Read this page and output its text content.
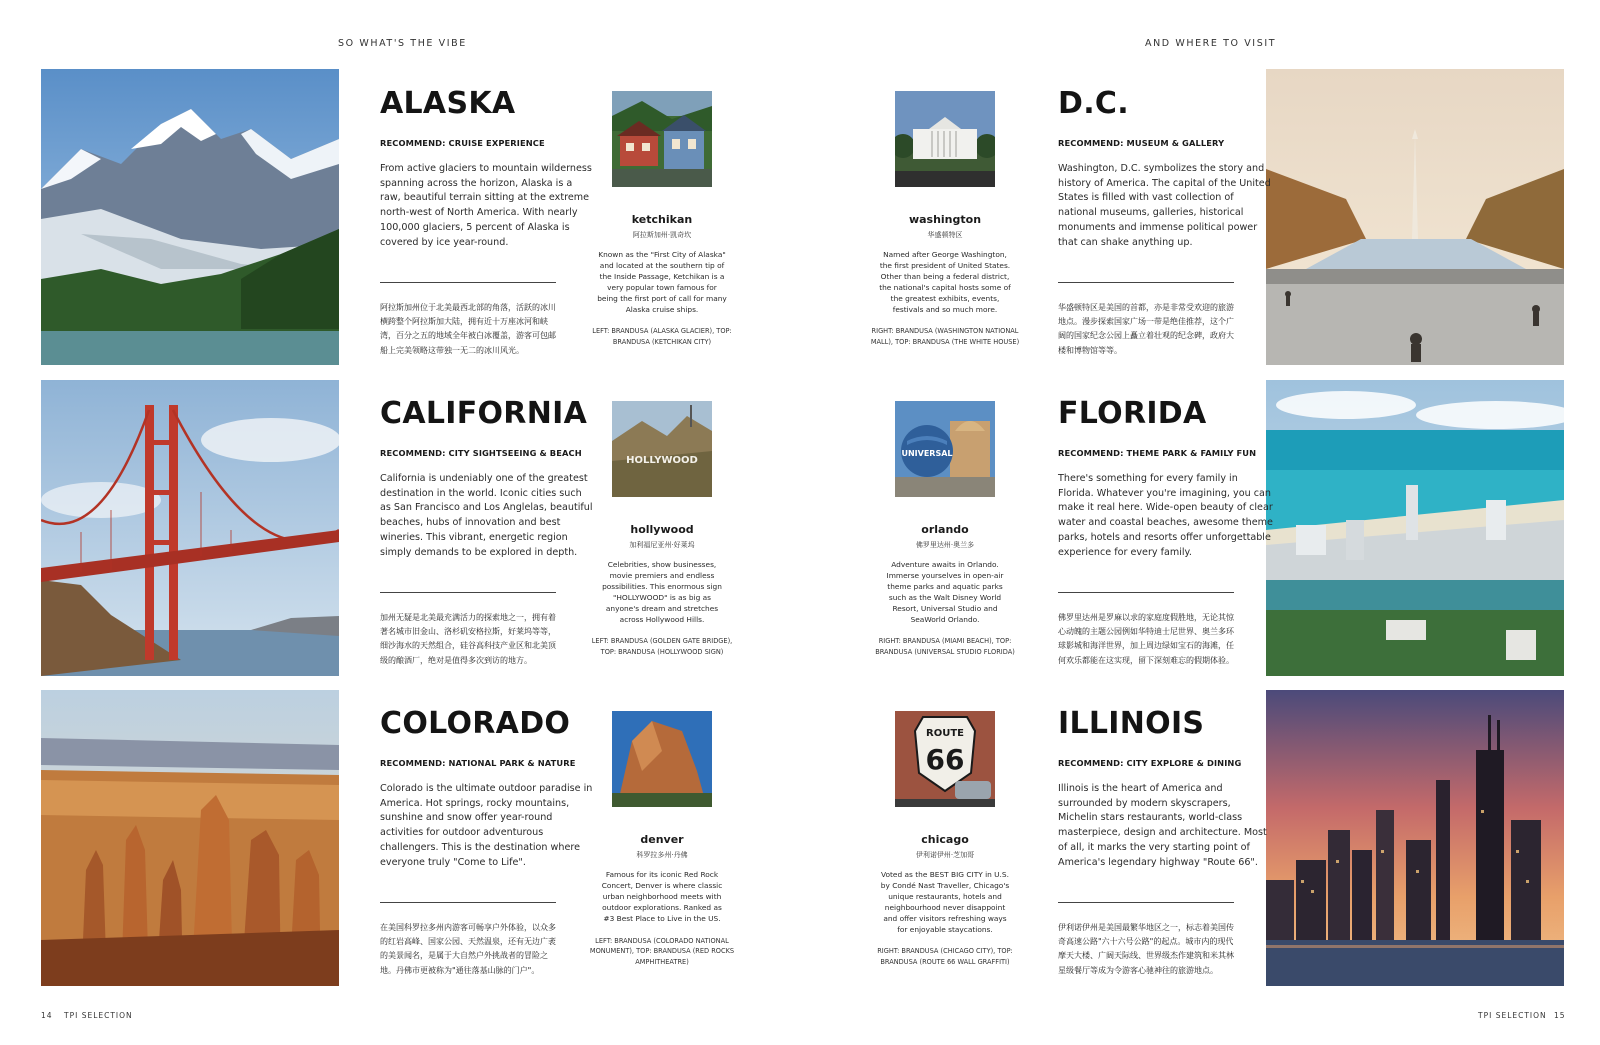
SO WHAT'S THE VIBE	AND WHERE TO VISIT
ALASKA
RECOMMEND: CRUISE EXPERIENCE
From active glaciers to mountain wilderness spanning across the horizon, Alaska is a raw, beautiful terrain sitting at the extreme north-west of North America. With nearly 100,000 glaciers, 5 percent of Alaska is covered by ice year-round.
阿拉斯加州位于北美最西北部的角落，活跃的冰川横跨整个阿拉斯加大陆，拥有近十万座冰河和峡湾，百分之五的地域全年被白冰覆盖，游客可包邮船上完美领略这带独一无二的冰川风光。
CALIFORNIA
RECOMMEND: CITY SIGHTSEEING & BEACH
California is undeniably one of the greatest destination in the world. Iconic cities such as San Francisco and Los Anglelas, beautiful beaches, hubs of innovation and best wineries. This vibrant, energetic region simply demands to be explored in depth.
加州无疑是北美最充满活力的探索地之一，拥有着著名城市旧金山、洛杉矶安格拉斯，好莱坞等等，细沙海水的天然组合，硅谷高科技产业区和北美顶级的酿酒厂，绝对是值得多次到访的地方。
COLORADO
RECOMMEND: NATIONAL PARK & NATURE
Colorado is the ultimate outdoor paradise in America. Hot springs, rocky mountains, sunshine and snow offer year-round activities for outdoor adventurous challengers. This is the destination where everyone truly "Come to Life".
在美国科罗拉多州内游客可畅享户外体验，以众多的红岩高峰、国家公园、天然温泉，还有无边广袤的美景闻名，是属于大自然户外挑战者的冒险之地。丹佛市更被称为"通往落基山脉的门户"。
D.C.
RECOMMEND: MUSEUM & GALLERY
Washington, D.C. symbolizes the story and history of America. The capital of the United States is filled with vast collection of national museums, galleries, historical monuments and immense political power that can shake anything up.
华盛顿特区是美国的首都，亦是非常受欢迎的旅游地点。漫步探索国家广场一带是绝佳推荐，这个广阔的国家纪念公园上矗立着壮观的纪念碑，政府大楼和博物馆等等。
FLORIDA
RECOMMEND: THEME PARK & FAMILY FUN
There's something for every family in Florida. Whatever you're imagining, you can make it real here. Wide-open beauty of clear water and coastal beaches, awesome theme parks, hotels and resorts offer unforgettable experience for every family.
佛罗里达州是罗麻以求的家庭度假胜地，无论其惊心动魄的主题公园例如华特迪士尼世界、奥兰多环球影城和海洋世界，加上周边绿如宝石的海滩，任何欢乐都能在这实现，留下深刻难忘的假期体验。
ILLINOIS
RECOMMEND: CITY EXPLORE & DINING
Illinois is the heart of America and surrounded by modern skyscrapers, Michelin stars restaurants, world-class masterpiece, design and architecture. Most of all, it marks the very starting point of America's legendary highway "Route 66".
伊利诺伊州是美国最繁华地区之一，标志着美国传奇高速公路"六十六号公路"的起点。城市内的现代摩天大楼、广阔天际线、世界级杰作建筑和米其林星级餐厅等成为令游客心驰神往的旅游地点。
ketchikan
阿拉斯加州·凯奇坎
Known as the "First City of Alaska" and located at the southern tip of the Inside Passage, Ketchikan is a very popular town famous for being the first port of call for many Alaska cruise ships.
LEFT: BRANDUSA (ALASKA GLACIER), TOP: BRANDUSA (KETCHIKAN CITY)
HOLLYWOOD
hollywood
加利福尼亚州·好莱坞
Celebrities, show businesses, movie premiers and endless possibilities. This enormous sign "HOLLYWOOD" is as big as anyone's dream and stretches across Hollywood Hills.
LEFT: BRANDUSA (GOLDEN GATE BRIDGE), TOP: BRANDUSA (HOLLYWOOD SIGN)
denver
科罗拉多州·丹佛
Famous for its iconic Red Rock Concert, Denver is where classic urban neighborhood meets with outdoor explorations. Ranked as #3 Best Place to Live in the US.
LEFT: BRANDUSA (COLORADO NATIONAL MONUMENT), TOP: BRANDUSA (RED ROCKS AMPHITHEATRE)
washington
华盛顿特区
Named after George Washington, the first president of United States. Other than being a federal district, the national's capital hosts some of the greatest exhibits, events, festivals and so much more.
RIGHT: BRANDUSA (WASHINGTON NATIONAL MALL), TOP: BRANDUSA (THE WHITE HOUSE)
UNIVERSAL
orlando
佛罗里达州·奥兰多
Adventure awaits in Orlando. Immerse yourselves in open-air theme parks and aquatic parks such as the Walt Disney World Resort, Universal Studio and SeaWorld Orlando.
RIGHT: BRANDUSA (MIAMI BEACH), TOP: BRANDUSA (UNIVERSAL STUDIO FLORIDA)
ROUTE
66
chicago
伊利诺伊州·芝加哥
Voted as the BEST BIG CITY in U.S. by Condé Nast Traveller, Chicago's unique restaurants, hotels and neighbourhood never disappoint and offer visitors refreshing ways for enjoyable staycations.
RIGHT: BRANDUSA (CHICAGO CITY), TOP: BRANDUSA (ROUTE 66 WALL GRAFFITI)
14 TPI SELECTION	TPI SELECTION 15
